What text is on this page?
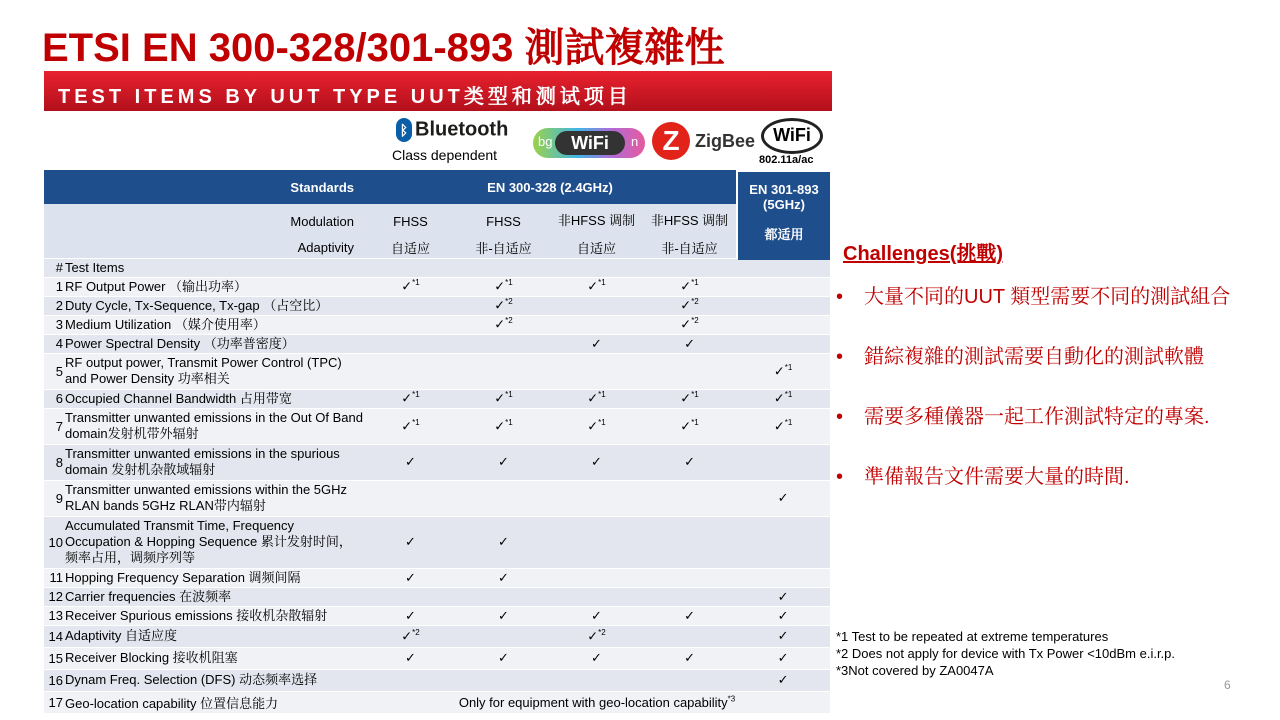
ETSI EN 300-328/301-893 測試複雜性
TEST ITEMS BY UUT TYPE UUT类型和测试项目
ᛒ Bluetooth
Class dependent
bg	WiFi	n Z ZigBee	WiFi
802.11a/ac
	Standards	EN 300-328 (2.4GHz)				
	Modulation	FHSS	FHSS	非HFSS 调制	非HFSS 调制	
	Adaptivity	自适应	非-自适应	自适应	非-自适应	
#	Test Items					
1	RF Output Power （输出功率）	✓$^{*1}$	✓$^{*1}$	✓$^{*1}$	✓$^{*1}$	
2	Duty Cycle, Tx-Sequence, Tx-gap （占空比）		✓$^{*2}$		✓$^{*2}$	
3	Medium Utilization （媒介使用率）		✓$^{*2}$		✓$^{*2}$	
4	Power Spectral Density （功率普密度）			✓	✓	
5	RF output power, Transmit Power Control (TPC) and Power Density 功率相关					✓$^{*1}$
6	Occupied Channel Bandwidth 占用带宽	✓$^{*1}$	✓$^{*1}$	✓$^{*1}$	✓$^{*1}$	✓$^{*1}$
7	Transmitter unwanted emissions in the Out Of Band domain发射机带外辐射	✓$^{*1}$	✓$^{*1}$	✓$^{*1}$	✓$^{*1}$	✓$^{*1}$
8	Transmitter unwanted emissions in the spurious domain 发射机杂散域辐射	✓	✓	✓	✓	
9	Transmitter unwanted emissions within the 5GHz RLAN bands 5GHz RLAN带内辐射					✓
10	Accumulated Transmit Time, Frequency Occupation & Hopping Sequence 累计发射时间，频率占用，调频序列等	✓	✓			
11	Hopping Frequency Separation 调频间隔	✓	✓			
12	Carrier frequencies 在波频率					✓
13	Receiver Spurious emissions 接收机杂散辐射	✓	✓	✓	✓	✓
14	Adaptivity 自适应度	✓$^{*2}$		✓$^{*2}$		✓
15	Receiver Blocking 接收机阻塞	✓	✓	✓	✓	✓
16	Dynam Freq. Selection (DFS) 动态频率选择					✓
17	Geo-location capability 位置信息能力	Only for equipment with geo-location capability$^{*3}$
EN 301-893
(5GHz)
都适用
Challenges(挑戰)
• 大量不同的UUT 類型需要不同的測試組合
• 錯綜複雜的測試需要自動化的測試軟體
• 需要多種儀器一起工作測試特定的專案.
• 準備報告文件需要大量的時間.
*1 Test to be repeated at extreme temperatures
*2 Does not apply for device with Tx Power <10dBm e.i.r.p.
*3Not covered by ZA0047A
6
